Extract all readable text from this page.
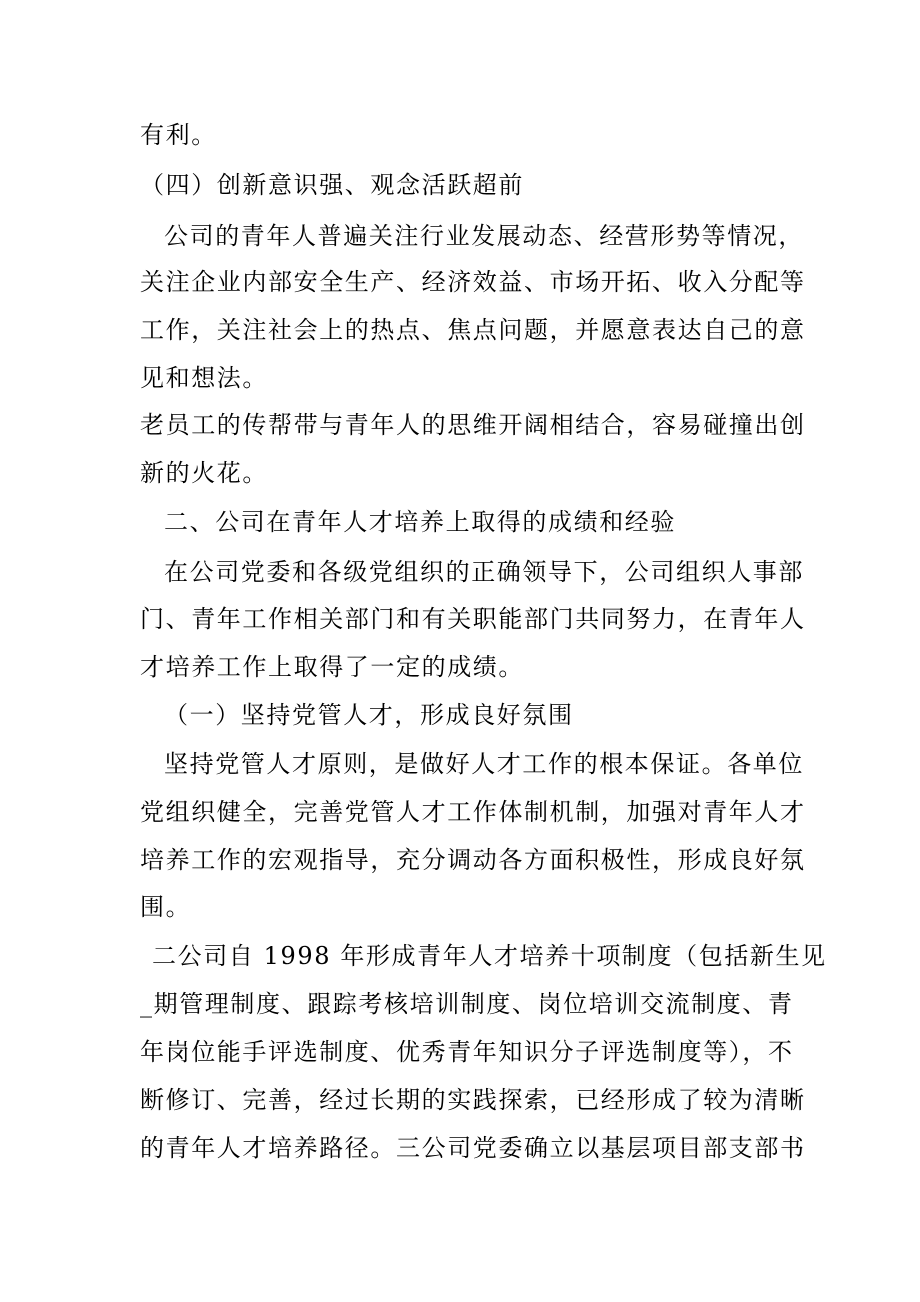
有利。
（四）创新意识强、观念活跃超前
公司的青年人普遍关注行业发展动态、经营形势等情况，
关注企业内部安全生产、经济效益、市场开拓、收入分配等
工作，关注社会上的热点、焦点问题，并愿意表达自己的意
见和想法。
老员工的传帮带与青年人的思维开阔相结合，容易碰撞出创
新的火花。
二、公司在青年人才培养上取得的成绩和经验
在公司党委和各级党组织的正确领导下，公司组织人事部
门、青年工作相关部门和有关职能部门共同努力，在青年人
才培养工作上取得了一定的成绩。
（一）坚持党管人才，形成良好氛围
坚持党管人才原则，是做好人才工作的根本保证。各单位
党组织健全，完善党管人才工作体制机制，加强对青年人才
培养工作的宏观指导，充分调动各方面积极性，形成良好氛
围。
二公司自 1998 年形成青年人才培养十项制度（包括新生见
_期管理制度、跟踪考核培训制度、岗位培训交流制度、青
年岗位能手评选制度、优秀青年知识分子评选制度等），不
断修订、完善，经过长期的实践探索，已经形成了较为清晰
的青年人才培养路径。三公司党委确立以基层项目部支部书
